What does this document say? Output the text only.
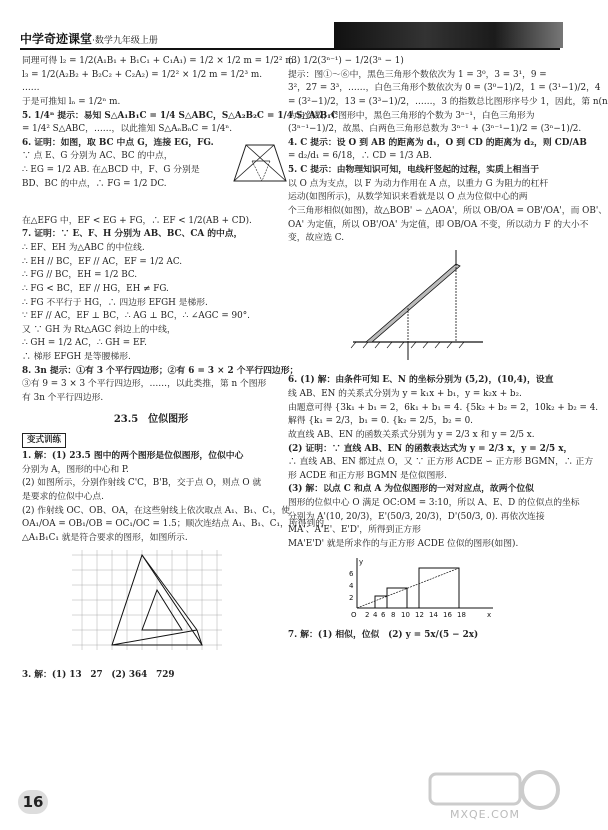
中学奇迹课堂·数学九年级上册

同理可得 l₂ = 1/2(A₁B₁ + B₁C₁ + C₁A₁) = 1/2 × 1/2 m = 1/2² m.

l₃ = 1/2(A₂B₂ + B₂C₂ + C₂A₂) = 1/2² × 1/2 m = 1/2³ m.

……

于是可推知 lₙ = 1/2ⁿ m.

5. 1/4ⁿ 提示：易知 S△A₁B₁C = 1/4 S△ABC，S△A₂B₂C = 1/4 S△A₁B₁C

= 1/4² S△ABC，……，以此推知 S△AₙBₙC = 1/4ⁿ.

6. 证明：如图，取 BC 中点 G，连接 EG，FG.

∵ 点 E、G 分别为 AC、BC 的中点，

∴ EG = 1/2 AB. 在△BCD 中，F、G 分别是

BD、BC 的中点，∴ FG = 1/2 DC.

在△EFG 中，EF < EG + FG，∴ EF < 1/2(AB + CD).

7. 证明：∵ E、F、H 分别为 AB、BC、CA 的中点，

∴ EF、EH 为△ABC 的中位线.

∴ EH // BC，EF // AC，EF = 1/2 AC.

∴ FG // BC，EH = 1/2 BC.

∴ FG < BC，EF // HG，EH ≠ FG.

∴ FG 不平行于 HG，∴ 四边形 EFGH 是梯形.

∵ EF // AC，EF ⊥ BC，∴ AG ⊥ BC，∴ ∠AGC = 90°.

又 ∵ GH 为 Rt△AGC 斜边上的中线，

∴ GH = 1/2 AC，∴ GH = EF.

∴ 梯形 EFGH 是等腰梯形.

8. 3n 提示：①有 3 个平行四边形；②有 6 = 3 × 2 个平行四边形；

③有 9 = 3 × 3 个平行四边形，……，以此类推，第 n 个图形

有 3n 个平行四边形.

23.5　位似图形
变式训练

1. 解：(1) 23.5 图中的两个图形是位似图形，位似中心

分别为 A，图形的中心和 P.

(2) 如图所示，分别作射线 C'C，B'B，交于点 O，则点 O 就

是要求的位似中心点.

(2) 作射线 OC、OB、OA，在这些射线上依次取点 A₁、B₁、C₁，使

OA₁/OA = OB₁/OB = OC₁/OC = 1.5；顺次连结点 A₁、B₁、C₁，所得到的

△A₁B₁C₁ 就是符合要求的图形，如图所示.

3. 解：(1) 13　27　(2) 364　729

(3) 1/2(3ⁿ⁻¹) − 1/2(3ⁿ − 1)

提示：图①～⑥中，黑色三角形个数依次为 1 = 3⁰，3 = 3¹，9 =

3²，27 = 3³，……，白色三角形个数依次为 0 = (3⁰−1)/2，1 = (3¹−1)/2，4

= (3²−1)/2，13 = (3³−1)/2，……，3 的指数总比图形序号少 1，因此，第 n(n

为自然数) 个图形中，黑色三角形的个数为 3ⁿ⁻¹，白色三角形为

(3ⁿ⁻¹−1)/2，故黑、白两色三角形总数为 3ⁿ⁻¹ + (3ⁿ⁻¹−1)/2 = (3ⁿ−1)/2.

4. C 提示：设 O 到 AB 的距离为 d₁，O 到 CD 的距离为 d₂，则 CD/AB

= d₂/d₁ = 6/18，∴ CD = 1/3 AB.

5. C 提示：由物理知识可知，电线杆竖起的过程，实质上相当于

以 O 点为支点，以 F 为动力作用在 A 点，以重力 G 为阻力的杠杆

运动(如图所示)，从数学知识来看就是以 O 点为位似中心的两

个三角形相似(如图)，故△BOB' ∽ △AOA'，所以 OB/OA = OB'/OA'，而 OB'、

OA' 为定值，所以 OB'/OA' 为定值，即 OB/OA 不变，所以动力 F 的大小不

变，故应选 C.

6. (1) 解：由条件可知 E、N 的坐标分别为 (5,2)，(10,4)，设直

线 AB、EN 的关系式分别为 y = k₁x + b₁，y = k₂x + b₂.

由题意可得 {3k₁ + b₁ = 2，6k₁ + b₁ = 4. {5k₂ + b₂ = 2，10k₂ + b₂ = 4.

解得 {k₁ = 2/3，b₁ = 0. {k₂ = 2/5，b₂ = 0.

故直线 AB、EN 的函数关系式分别为 y = 2/3 x 和 y = 2/5 x.

(2) 证明：∵ 直线 AB、EN 的函数表达式为 y = 2/3 x，y = 2/5 x，

∴ 直线 AB、EN 都过点 O，又 ∵ 正方形 ACDE ∽ 正方形 BGMN，∴ 正方

形 ACDE 和正方形 BGMN 是位似图形.

(3) 解：以点 C 和点 A 为位似图形的一对对应点，故两个位似

图形的位似中心 O 满足 OC:OM = 3:10，所以 A、E、D 的位似点的坐标

分别为 A'(10, 20/3)，E'(50/3, 20/3)，D'(50/3, 0). 再依次连接

MA'、A'E'、E'D'，所得到正方形

MA'E'D' 就是所求作的与正方形 ACDE 位似的图形(如图).

O 2 4 6 8 10 12 14 16 18	x
y
2
4
6

7. 解：(1) 相似，位似　(2) y = 5x/(5 − 2x)

16
MXQE.COM
